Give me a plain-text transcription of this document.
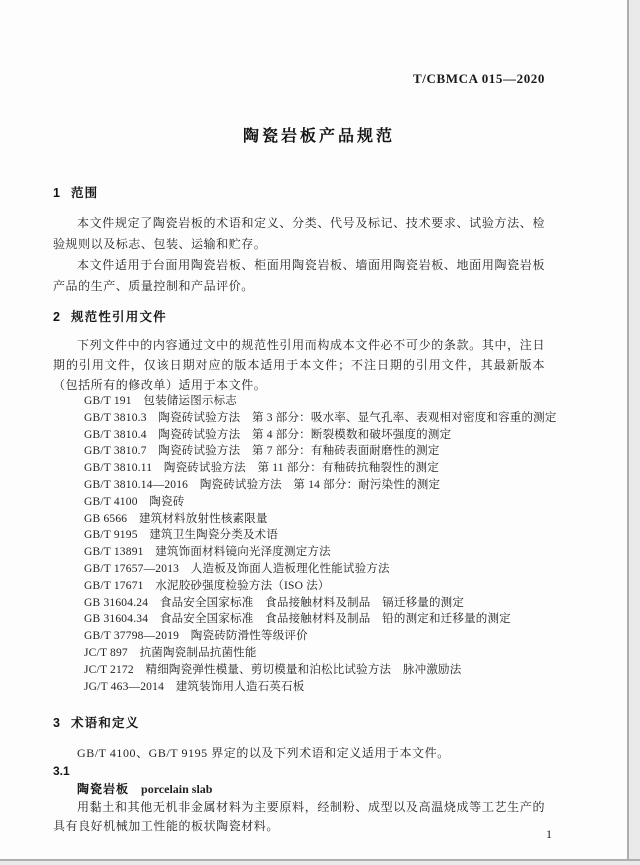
T/CBMCA 015—2020
陶瓷岩板产品规范
1 范围

本文件规定了陶瓷岩板的术语和定义、分类、代号及标记、技术要求、试验方法、检验规则以及标志、包装、运输和贮存。

本文件适用于台面用陶瓷岩板、柜面用陶瓷岩板、墙面用陶瓷岩板、地面用陶瓷岩板产品的生产、质量控制和产品评价。

2 规范性引用文件

下列文件中的内容通过文中的规范性引用而构成本文件必不可少的条款。其中，注日期的引用文件，仅该日期对应的版本适用于本文件；不注日期的引用文件，其最新版本（包括所有的修改单）适用于本文件。

GB/T 191　包装储运图示标志
GB/T 3810.3　陶瓷砖试验方法　第 3 部分：吸水率、显气孔率、表观相对密度和容重的测定
GB/T 3810.4　陶瓷砖试验方法　第 4 部分：断裂模数和破坏强度的测定
GB/T 3810.7　陶瓷砖试验方法　第 7 部分：有釉砖表面耐磨性的测定
GB/T 3810.11　陶瓷砖试验方法　第 11 部分：有釉砖抗釉裂性的测定
GB/T 3810.14—2016　陶瓷砖试验方法　第 14 部分：耐污染性的测定
GB/T 4100　陶瓷砖
GB 6566　建筑材料放射性核素限量
GB/T 9195　建筑卫生陶瓷分类及术语
GB/T 13891　建筑饰面材料镜向光泽度测定方法
GB/T 17657—2013　人造板及饰面人造板理化性能试验方法
GB/T 17671　水泥胶砂强度检验方法（ISO 法）
GB 31604.24　食品安全国家标准　食品接触材料及制品　镉迁移量的测定
GB 31604.34　食品安全国家标准　食品接触材料及制品　铅的测定和迁移量的测定
GB/T 37798—2019　陶瓷砖防滑性等级评价
JC/T 897　抗菌陶瓷制品抗菌性能
JC/T 2172　精细陶瓷弹性模量、剪切模量和泊松比试验方法　脉冲激励法
JG/T 463—2014　建筑装饰用人造石英石板
3 术语和定义

GB/T 4100、GB/T 9195 界定的以及下列术语和定义适用于本文件。

3.1

陶瓷岩板 porcelain slab

用黏土和其他无机非金属材料为主要原料，经制粉、成型以及高温烧成等工艺生产的具有良好机械加工性能的板状陶瓷材料。

1
